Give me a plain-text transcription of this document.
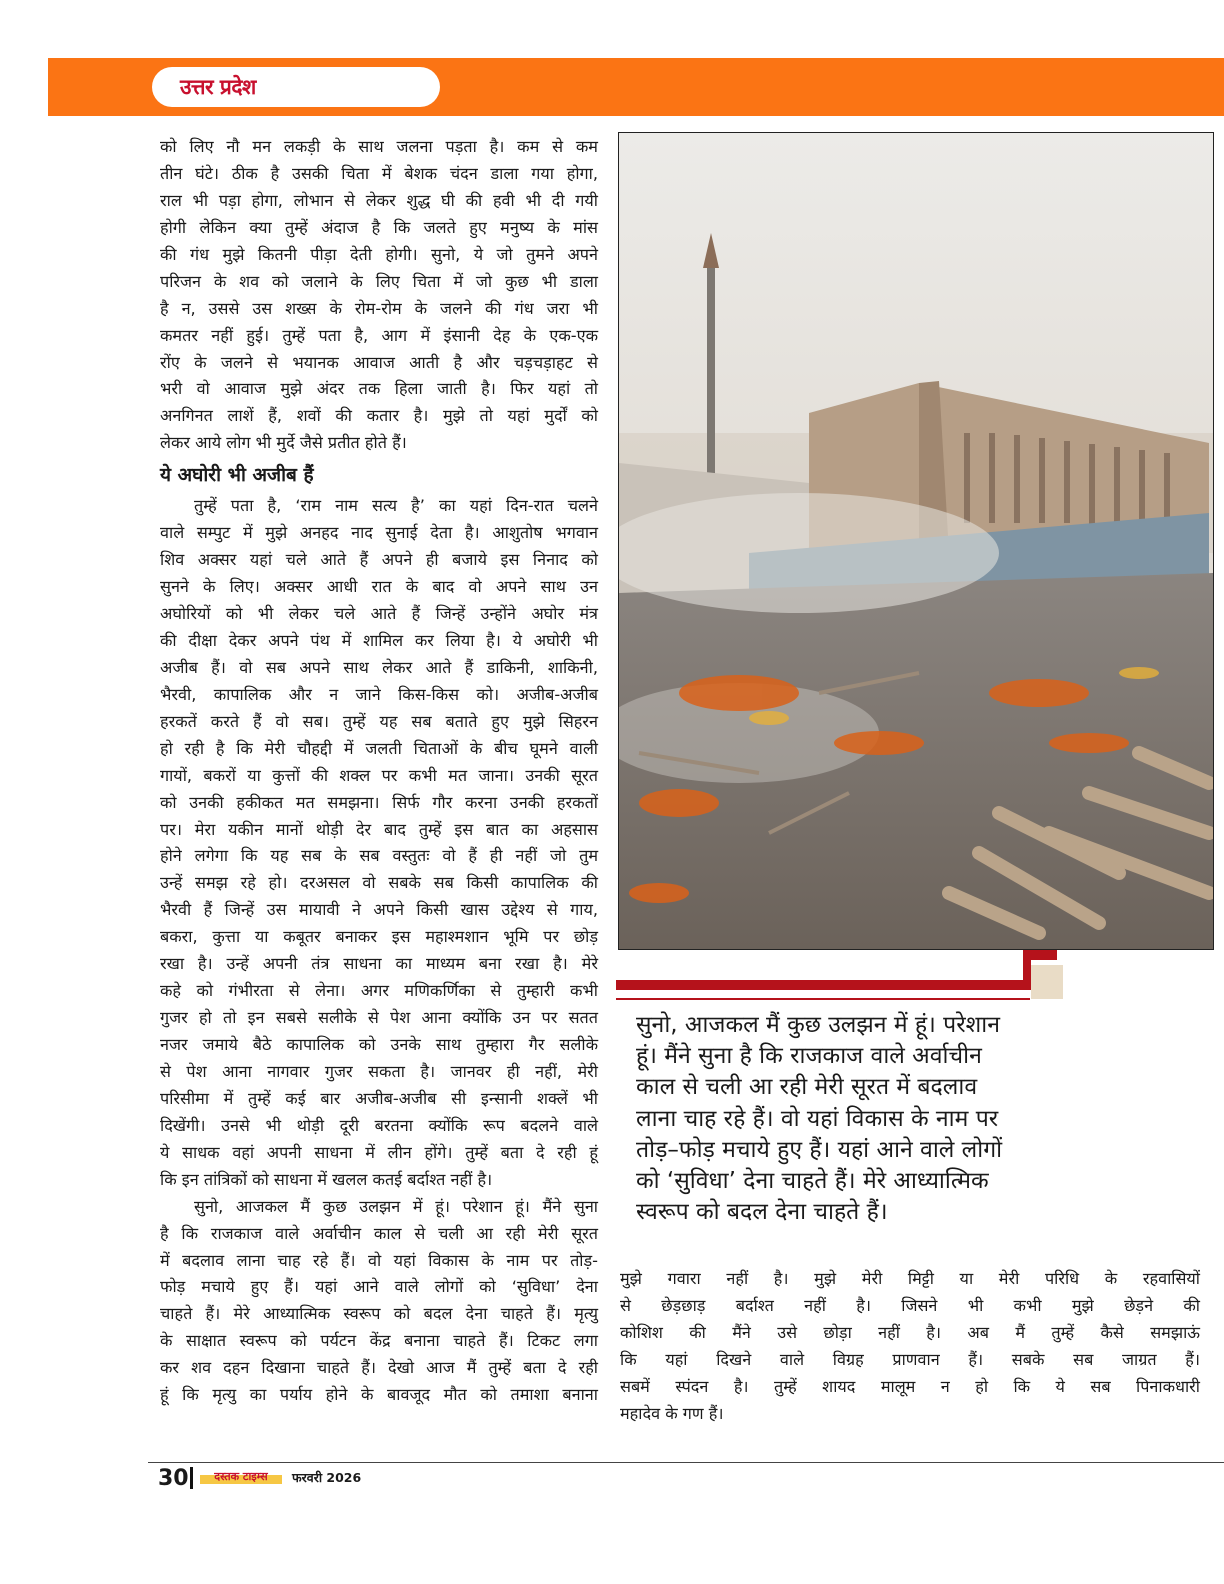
उत्तर प्रदेश
को लिए नौ मन लकड़ी के साथ जलना पड़ता है। कम से कम
तीन घंटे। ठीक है उसकी चिता में बेशक चंदन डाला गया होगा,
राल भी पड़ा होगा, लोभान से लेकर शुद्ध घी की हवी भी दी गयी
होगी लेकिन क्या तुम्हें अंदाज है कि जलते हुए मनुष्य के मांस
की गंध मुझे कितनी पीड़ा देती होगी। सुनो, ये जो तुमने अपने
परिजन के शव को जलाने के लिए चिता में जो कुछ भी डाला
है न, उससे उस शख्स के रोम-रोम के जलने की गंध जरा भी
कमतर नहीं हुई। तुम्हें पता है, आग में इंसानी देह के एक-एक
रोंए के जलने से भयानक आवाज आती है और चड़चड़ाहट से
भरी वो आवाज मुझे अंदर तक हिला जाती है। फिर यहां तो
अनगिनत लाशें हैं, शवों की कतार है। मुझे तो यहां मुर्दों को
लेकर आये लोग भी मुर्दे जैसे प्रतीत होते हैं।
ये अघोरी भी अजीब हैं
तुम्हें पता है, ‘राम नाम सत्य है’ का यहां दिन-रात चलने
वाले सम्पुट में मुझे अनहद नाद सुनाई देता है। आशुतोष भगवान
शिव अक्सर यहां चले आते हैं अपने ही बजाये इस निनाद को
सुनने के लिए। अक्सर आधी रात के बाद वो अपने साथ उन
अघोरियों को भी लेकर चले आते हैं जिन्हें उन्होंने अघोर मंत्र
की दीक्षा देकर अपने पंथ में शामिल कर लिया है। ये अघोरी भी
अजीब हैं। वो सब अपने साथ लेकर आते हैं डाकिनी, शाकिनी,
भैरवी, कापालिक और न जाने किस-किस को। अजीब-अजीब
हरकतें करते हैं वो सब। तुम्हें यह सब बताते हुए मुझे सिहरन
हो रही है कि मेरी चौहद्दी में जलती चिताओं के बीच घूमने वाली
गायों, बकरों या कुत्तों की शक्ल पर कभी मत जाना। उनकी सूरत
को उनकी हकीकत मत समझना। सिर्फ गौर करना उनकी हरकतों
पर। मेरा यकीन मानों थोड़ी देर बाद तुम्हें इस बात का अहसास
होने लगेगा कि यह सब के सब वस्तुतः वो हैं ही नहीं जो तुम
उन्हें समझ रहे हो। दरअसल वो सबके सब किसी कापालिक की
भैरवी हैं जिन्हें उस मायावी ने अपने किसी खास उद्देश्य से गाय,
बकरा, कुत्ता या कबूतर बनाकर इस महाश्मशान भूमि पर छोड़
रखा है। उन्हें अपनी तंत्र साधना का माध्यम बना रखा है। मेरे
कहे को गंभीरता से लेना। अगर मणिकर्णिका से तुम्हारी कभी
गुजर हो तो इन सबसे सलीके से पेश आना क्योंकि उन पर सतत
नजर जमाये बैठे कापालिक को उनके साथ तुम्हारा गैर सलीके
से पेश आना नागवार गुजर सकता है। जानवर ही नहीं, मेरी
परिसीमा में तुम्हें कई बार अजीब-अजीब सी इन्सानी शक्लें भी
दिखेंगी। उनसे भी थोड़ी दूरी बरतना क्योंकि रूप बदलने वाले
ये साधक वहां अपनी साधना में लीन होंगे। तुम्हें बता दे रही हूं
कि इन तांत्रिकों को साधना में खलल कतई बर्दाश्त नहीं है।
सुनो, आजकल मैं कुछ उलझन में हूं। परेशान हूं। मैंने सुना
है कि राजकाज वाले अर्वाचीन काल से चली आ रही मेरी सूरत
में बदलाव लाना चाह रहे हैं। वो यहां विकास के नाम पर तोड़-
फोड़ मचाये हुए हैं। यहां आने वाले लोगों को ‘सुविधा’ देना
चाहते हैं। मेरे आध्यात्मिक स्वरूप को बदल देना चाहते हैं। मृत्यु
के साक्षात स्वरूप को पर्यटन केंद्र बनाना चाहते हैं। टिकट लगा
कर शव दहन दिखाना चाहते हैं। देखो आज मैं तुम्हें बता दे रही
हूं कि मृत्यु का पर्याय होने के बावजूद मौत को तमाशा बनाना
सुनो, आजकल मैं कुछ उलझन में हूं। परेशान
हूं। मैंने सुना है कि राजकाज वाले अर्वाचीन
काल से चली आ रही मेरी सूरत में बदलाव
लाना चाह रहे हैं। वो यहां विकास के नाम पर
तोड़–फोड़ मचाये हुए हैं। यहां आने वाले लोगों
को ‘सुविधा’ देना चाहते हैं। मेरे आध्यात्मिक
स्वरूप को बदल देना चाहते हैं।
मुझे गवारा नहीं है। मुझे मेरी मिट्टी या मेरी परिधि के रहवासियों
से छेड़छाड़ बर्दाश्त नहीं है। जिसने भी कभी मुझे छेड़ने की
कोशिश की मैंने उसे छोड़ा नहीं है। अब मैं तुम्हें कैसे समझाऊं
कि यहां दिखने वाले विग्रह प्राणवान हैं। सबके सब जाग्रत हैं।
सबमें स्पंदन है। तुम्हें शायद मालूम न हो कि ये सब पिनाकधारी
महादेव के गण हैं।
30	दस्तक टाइम्स	फरवरी 2026
